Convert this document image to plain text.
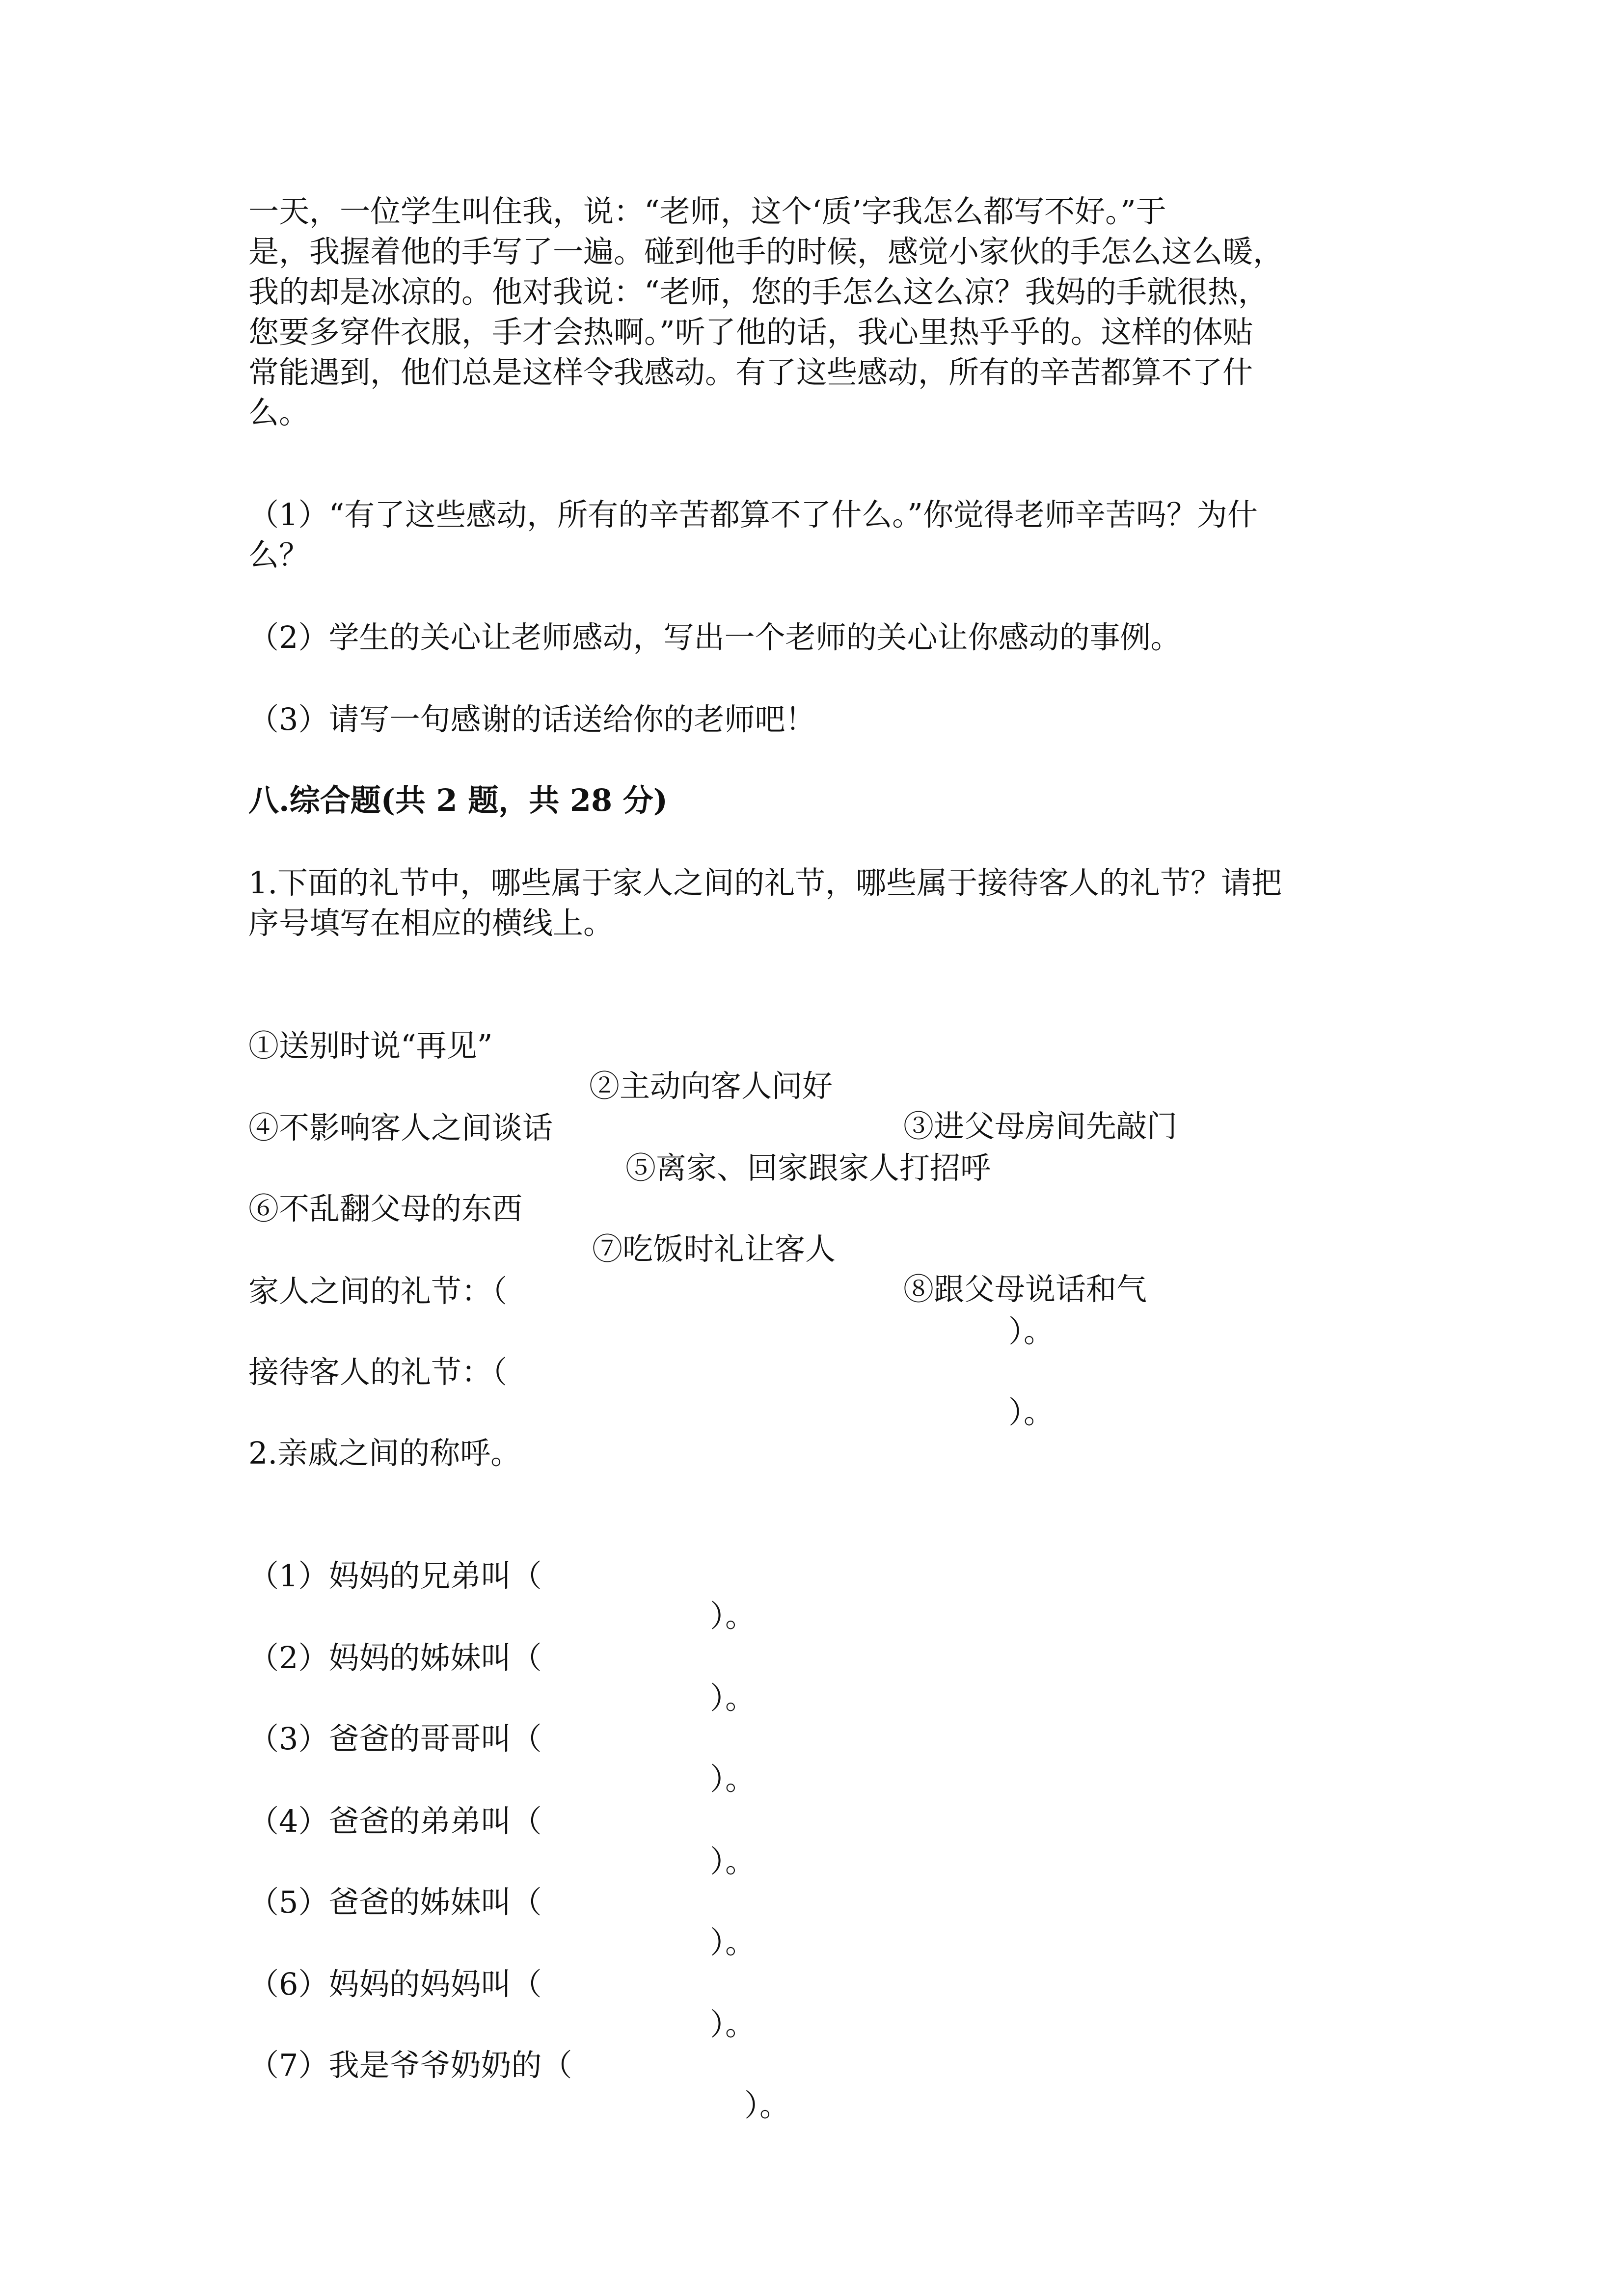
一天，一位学生叫住我，说：“老师，这个‘质’字我怎么都写不好。”于

是，我握着他的手写了一遍。碰到他手的时候，感觉小家伙的手怎么这么暖，

我的却是冰凉的。他对我说：“老师，您的手怎么这么凉？我妈的手就很热，

您要多穿件衣服，手才会热啊。”听了他的话，我心里热乎乎的。这样的体贴

常能遇到，他们总是这样令我感动。有了这些感动，所有的辛苦都算不了什

么。

（1）“有了这些感动，所有的辛苦都算不了什么。”你觉得老师辛苦吗？为什

么？

（2）学生的关心让老师感动，写出一个老师的关心让你感动的事例。

（3）请写一句感谢的话送给你的老师吧！

八.综合题(共 2 题，共 28 分)

1.下面的礼节中，哪些属于家人之间的礼节，哪些属于接待客人的礼节？请把

序号填写在相应的横线上。

①送别时说“再见”

②主动向客人问好

③进父母房间先敲门

④不影响客人之间谈话

⑤离家、回家跟家人打招呼

⑥不乱翻父母的东西

⑦吃饭时礼让客人

⑧跟父母说话和气

家人之间的礼节：（

）。

接待客人的礼节：（

）。

2.亲戚之间的称呼。

（1）妈妈的兄弟叫（

）。

（2）妈妈的姊妹叫（

）。

（3）爸爸的哥哥叫（

）。

（4）爸爸的弟弟叫（

）。

（5）爸爸的姊妹叫（

）。

（6）妈妈的妈妈叫（

）。

（7）我是爷爷奶奶的（

）。
